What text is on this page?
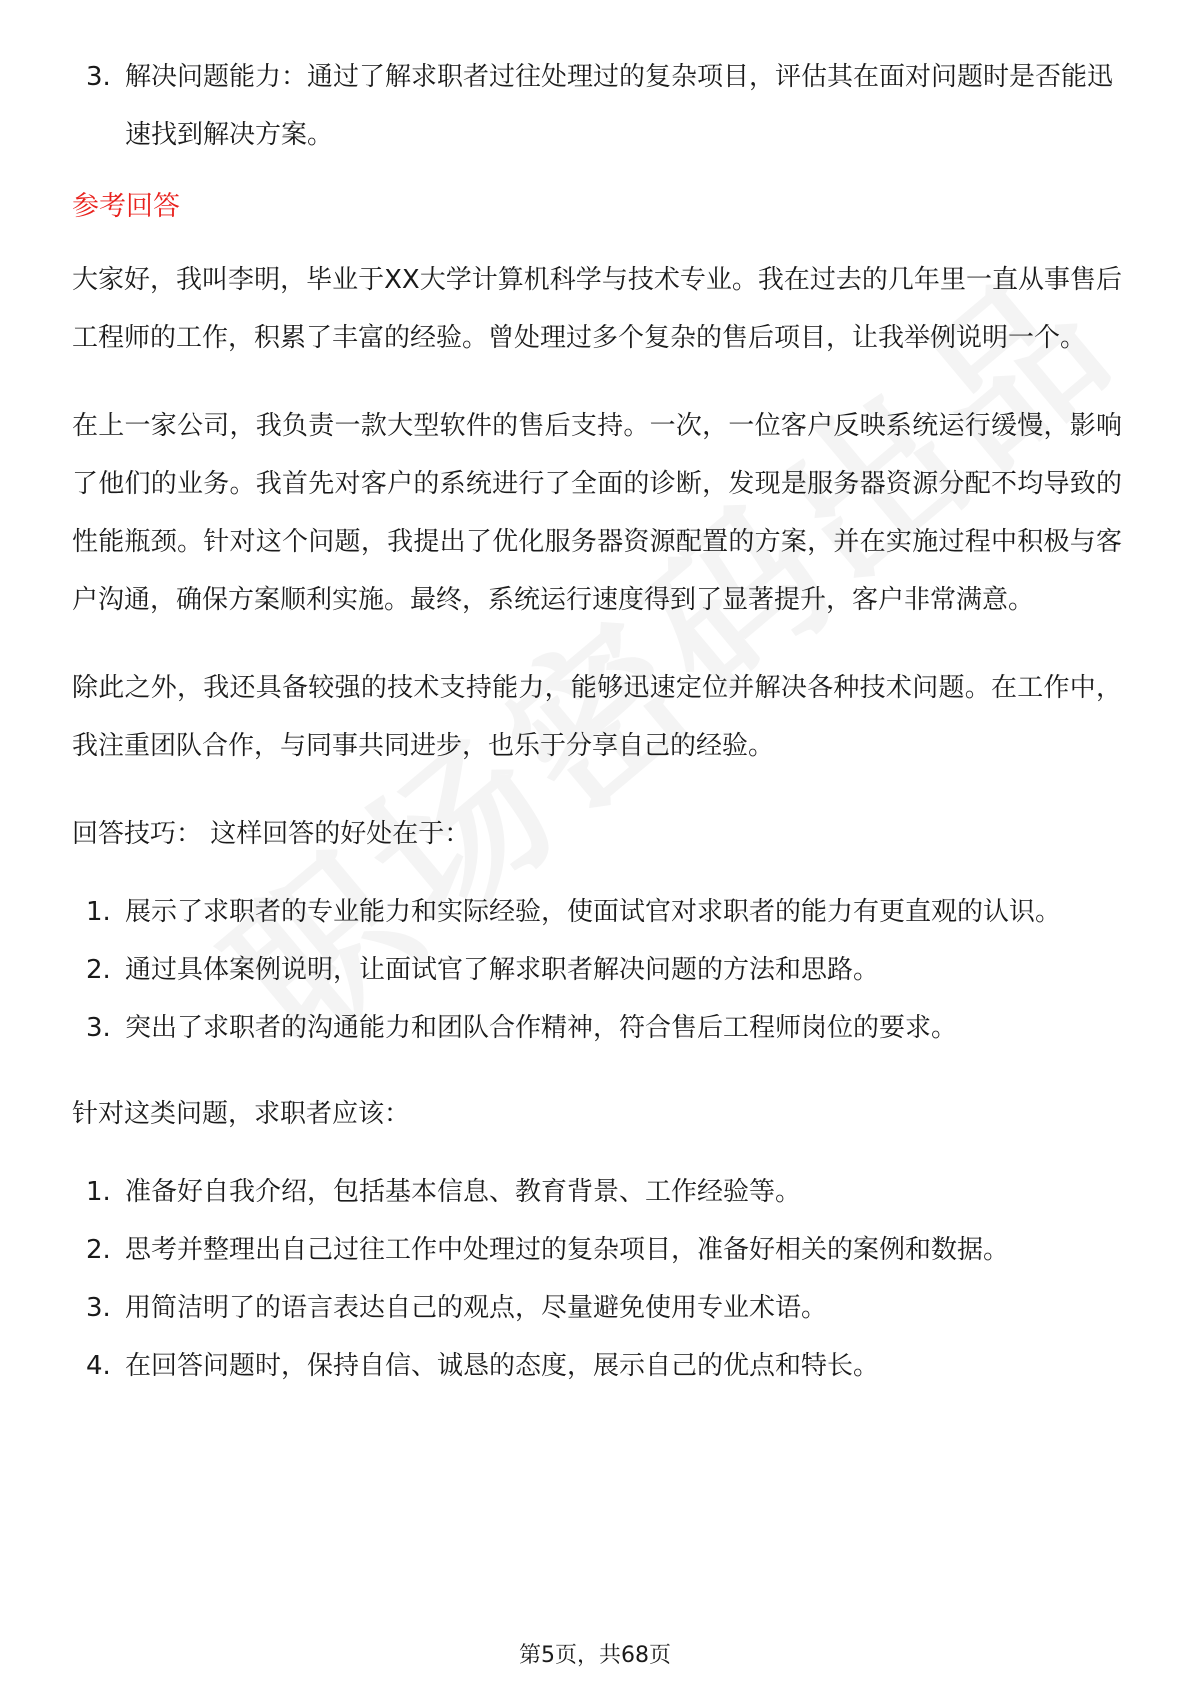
3. 解决问题能力：通过了解求职者过往处理过的复杂项目，评估其在面对问题时是否能迅速找到解决方案。
参考回答

大家好，我叫李明，毕业于XX大学计算机科学与技术专业。我在过去的几年里一直从事售后工程师的工作，积累了丰富的经验。曾处理过多个复杂的售后项目，让我举例说明一个。

在上一家公司，我负责一款大型软件的售后支持。一次，一位客户反映系统运行缓慢，影响了他们的业务。我首先对客户的系统进行了全面的诊断，发现是服务器资源分配不均导致的性能瓶颈。针对这个问题，我提出了优化服务器资源配置的方案，并在实施过程中积极与客户沟通，确保方案顺利实施。最终，系统运行速度得到了显著提升，客户非常满意。

除此之外，我还具备较强的技术支持能力，能够迅速定位并解决各种技术问题。在工作中，我注重团队合作，与同事共同进步，也乐于分享自己的经验。

回答技巧： 这样回答的好处在于：

1. 展示了求职者的专业能力和实际经验，使面试官对求职者的能力有更直观的认识。
2. 通过具体案例说明，让面试官了解求职者解决问题的方法和思路。
3. 突出了求职者的沟通能力和团队合作精神，符合售后工程师岗位的要求。

针对这类问题，求职者应该：

1. 准备好自我介绍，包括基本信息、教育背景、工作经验等。
2. 思考并整理出自己过往工作中处理过的复杂项目，准备好相关的案例和数据。
3. 用简洁明了的语言表达自己的观点，尽量避免使用专业术语。
4. 在回答问题时，保持自信、诚恳的态度，展示自己的优点和特长。
第5页，共68页
